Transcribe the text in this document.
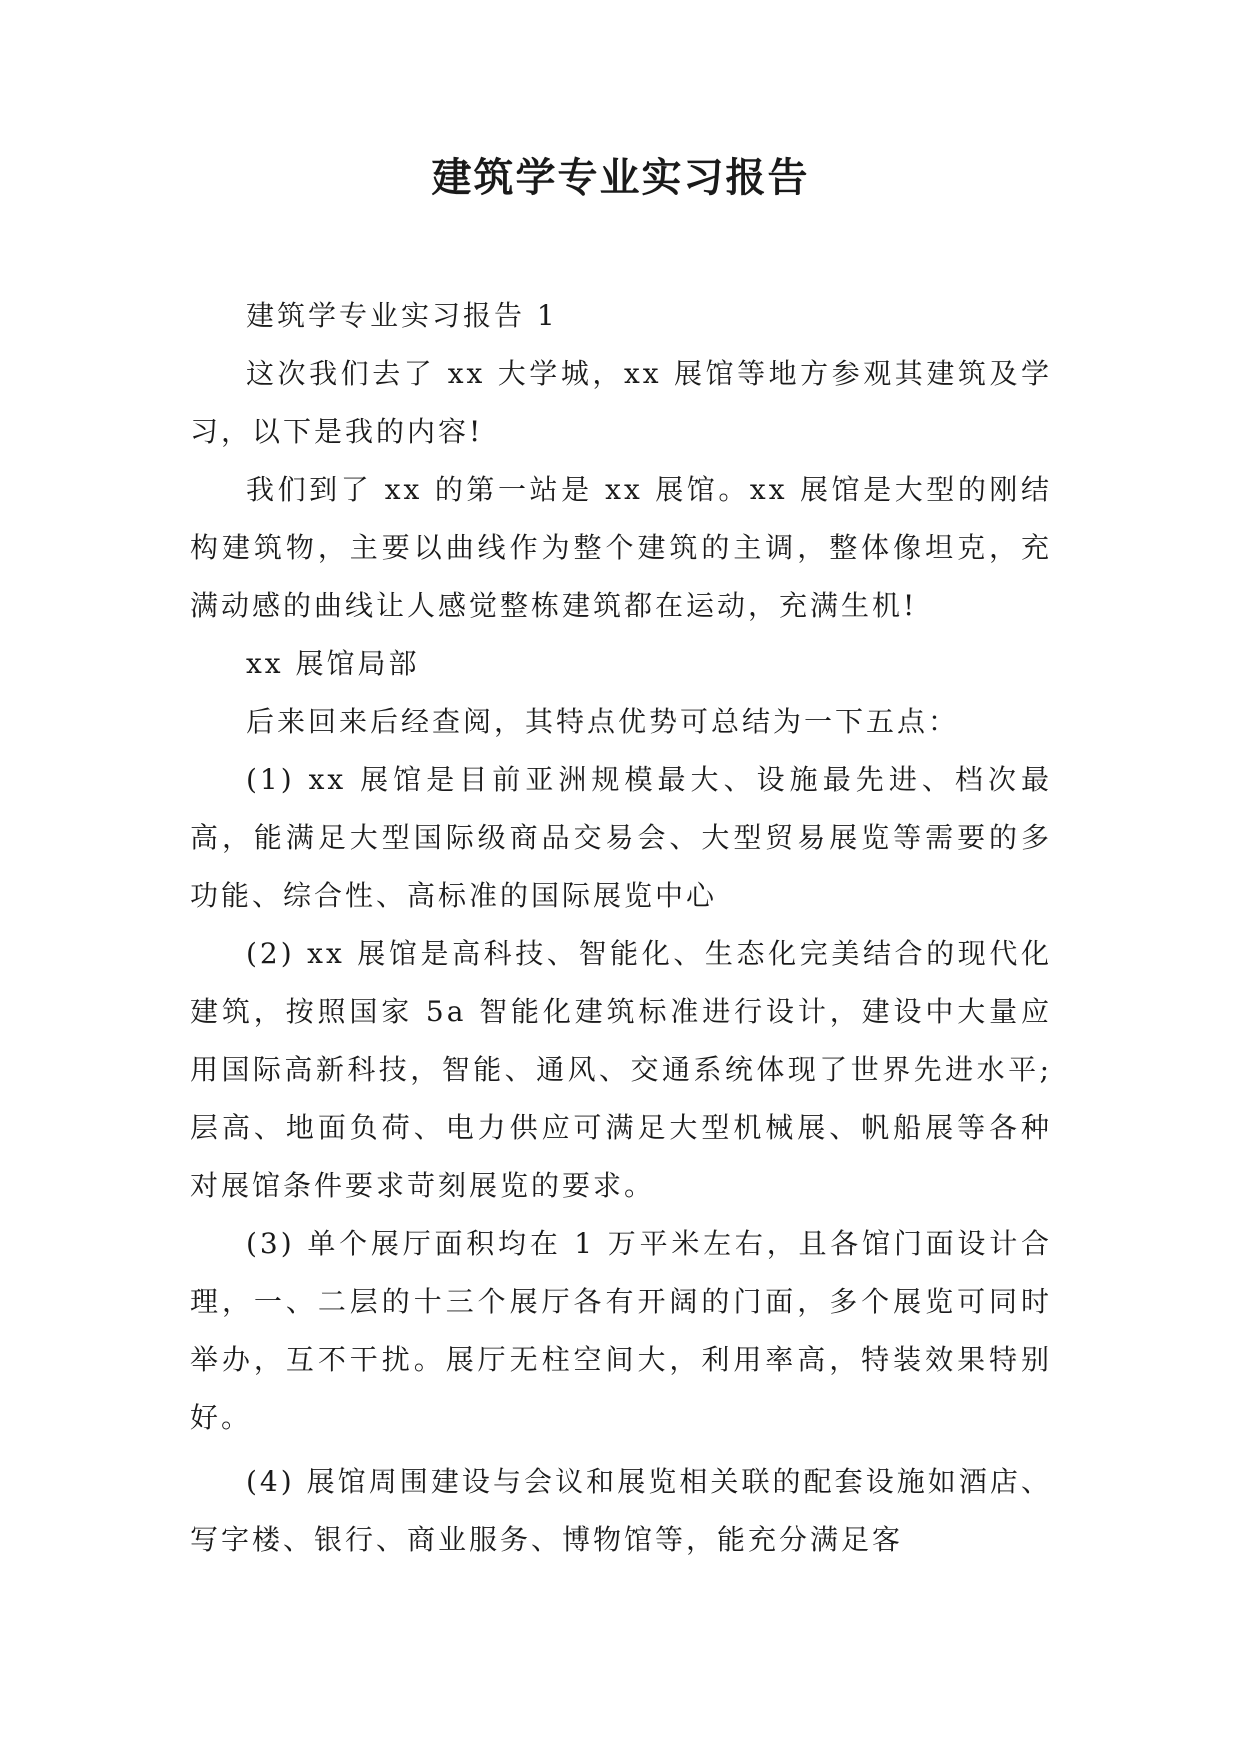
建筑学专业实习报告

建筑学专业实习报告 1

这次我们去了 xx 大学城，xx 展馆等地方参观其建筑及学习，以下是我的内容!

我们到了 xx 的第一站是 xx 展馆。xx 展馆是大型的刚结构建筑物，主要以曲线作为整个建筑的主调，整体像坦克，充满动感的曲线让人感觉整栋建筑都在运动，充满生机!

xx 展馆局部

后来回来后经查阅，其特点优势可总结为一下五点：

(1) xx 展馆是目前亚洲规模最大、设施最先进、档次最高，能满足大型国际级商品交易会、大型贸易展览等需要的多功能、综合性、高标准的国际展览中心

(2) xx 展馆是高科技、智能化、生态化完美结合的现代化建筑，按照国家 5a 智能化建筑标准进行设计，建设中大量应用国际高新科技，智能、通风、交通系统体现了世界先进水平;层高、地面负荷、电力供应可满足大型机械展、帆船展等各种对展馆条件要求苛刻展览的要求。

(3) 单个展厅面积均在 1 万平米左右，且各馆门面设计合理，一、二层的十三个展厅各有开阔的门面，多个展览可同时举办，互不干扰。展厅无柱空间大，利用率高，特装效果特别好。

(4) 展馆周围建设与会议和展览相关联的配套设施如酒店、写字楼、银行、商业服务、博物馆等，能充分满足客
